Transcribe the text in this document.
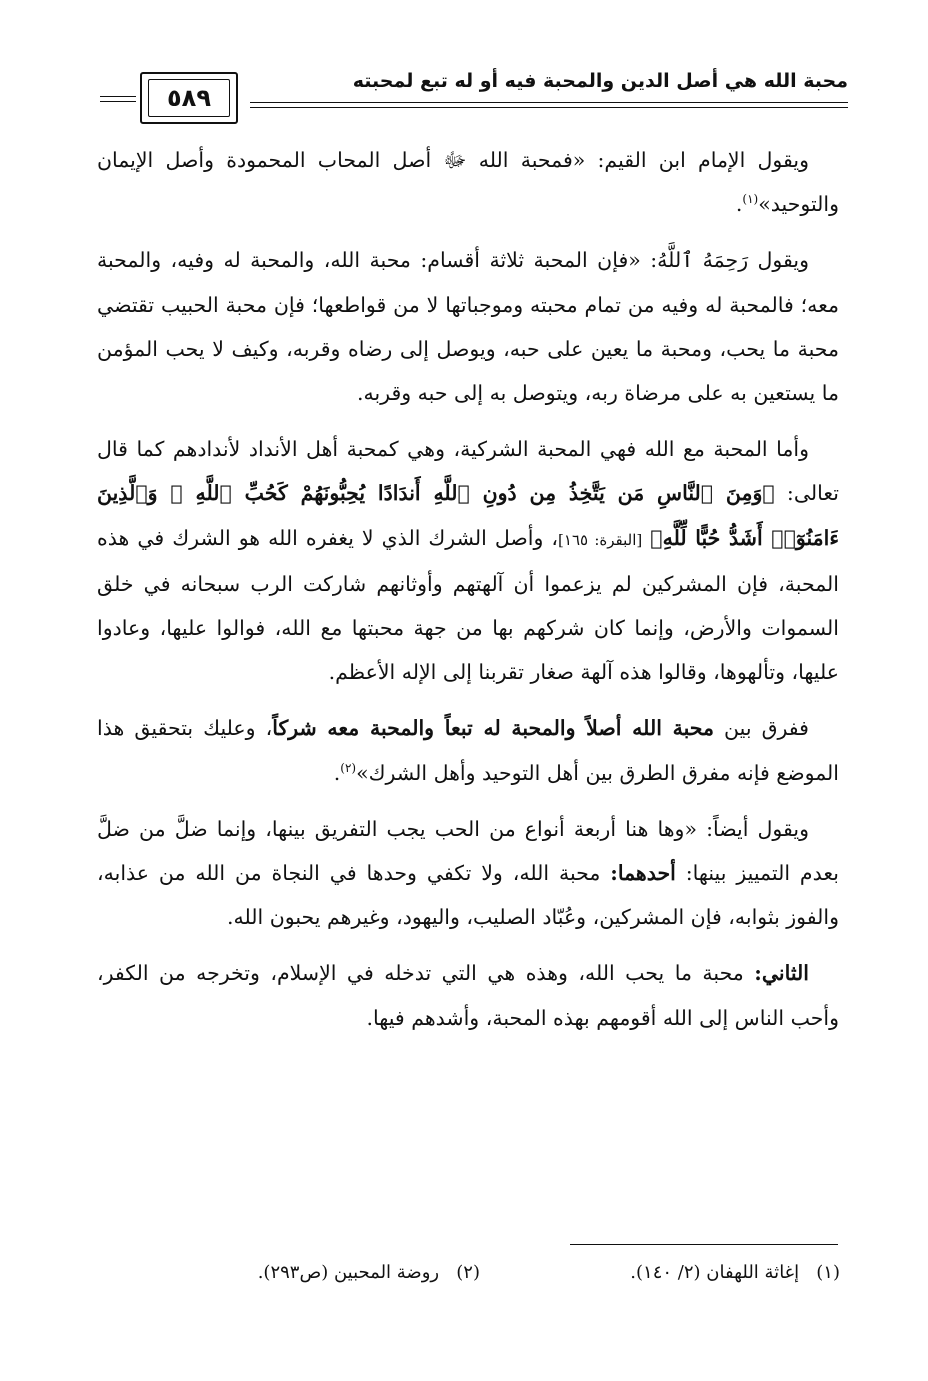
محبة الله هي أصل الدين والمحبة فيه أو له تبع لمحبته
٥٨٩

ويقول الإمام ابن القيم: «فمحبة الله ﷻ أصل المحاب المحمودة وأصل الإيمان والتوحيد»$^{(١)}$.

ويقول رَحِمَهُ ٱللَّهُ: «فإن المحبة ثلاثة أقسام: محبة الله، والمحبة له وفيه، والمحبة معه؛ فالمحبة له وفيه من تمام محبته وموجباتها لا من قواطعها؛ فإن محبة الحبيب تقتضي محبة ما يحب، ومحبة ما يعين على حبه، ويوصل إلى رضاه وقربه، وكيف لا يحب المؤمن ما يستعين به على مرضاة ربه، ويتوصل به إلى حبه وقربه.

وأما المحبة مع الله فهي المحبة الشركية، وهي كمحبة أهل الأنداد لأندادهم كما قال تعالى: ﴿وَمِنَ ٱلنَّاسِ مَن يَتَّخِذُ مِن دُونِ ٱللَّهِ أَندَادًا يُحِبُّونَهُمْ كَحُبِّ ٱللَّهِ ۖ وَٱلَّذِينَ ءَامَنُوٓا۟ أَشَدُّ حُبًّا لِّلَّهِ﴾ [البقرة: ١٦٥]، وأصل الشرك الذي لا يغفره الله هو الشرك في هذه المحبة، فإن المشركين لم يزعموا أن آلهتهم وأوثانهم شاركت الرب سبحانه في خلق السموات والأرض، وإنما كان شركهم بها من جهة محبتها مع الله، فوالوا عليها، وعادوا عليها، وتألهوها، وقالوا هذه آلهة صغار تقربنا إلى الإله الأعظم.

ففرق بين محبة الله أصلاً والمحبة له تبعاً والمحبة معه شركاً، وعليك بتحقيق هذا الموضع فإنه مفرق الطرق بين أهل التوحيد وأهل الشرك»$^{(٢)}$.

ويقول أيضاً: «وها هنا أربعة أنواع من الحب يجب التفريق بينها، وإنما ضلَّ من ضلَّ بعدم التمييز بينها: أحدهما: محبة الله، ولا تكفي وحدها في النجاة من الله من عذابه، والفوز بثوابه، فإن المشركين، وعُبّاد الصليب، واليهود، وغيرهم يحبون الله.

الثاني: محبة ما يحب الله، وهذه هي التي تدخله في الإسلام، وتخرجه من الكفر، وأحب الناس إلى الله أقومهم بهذه المحبة، وأشدهم فيها.

(١)   إغاثة اللهفان (٢/ ١٤٠).
(٢)   روضة المحبين (ص٢٩٣).
